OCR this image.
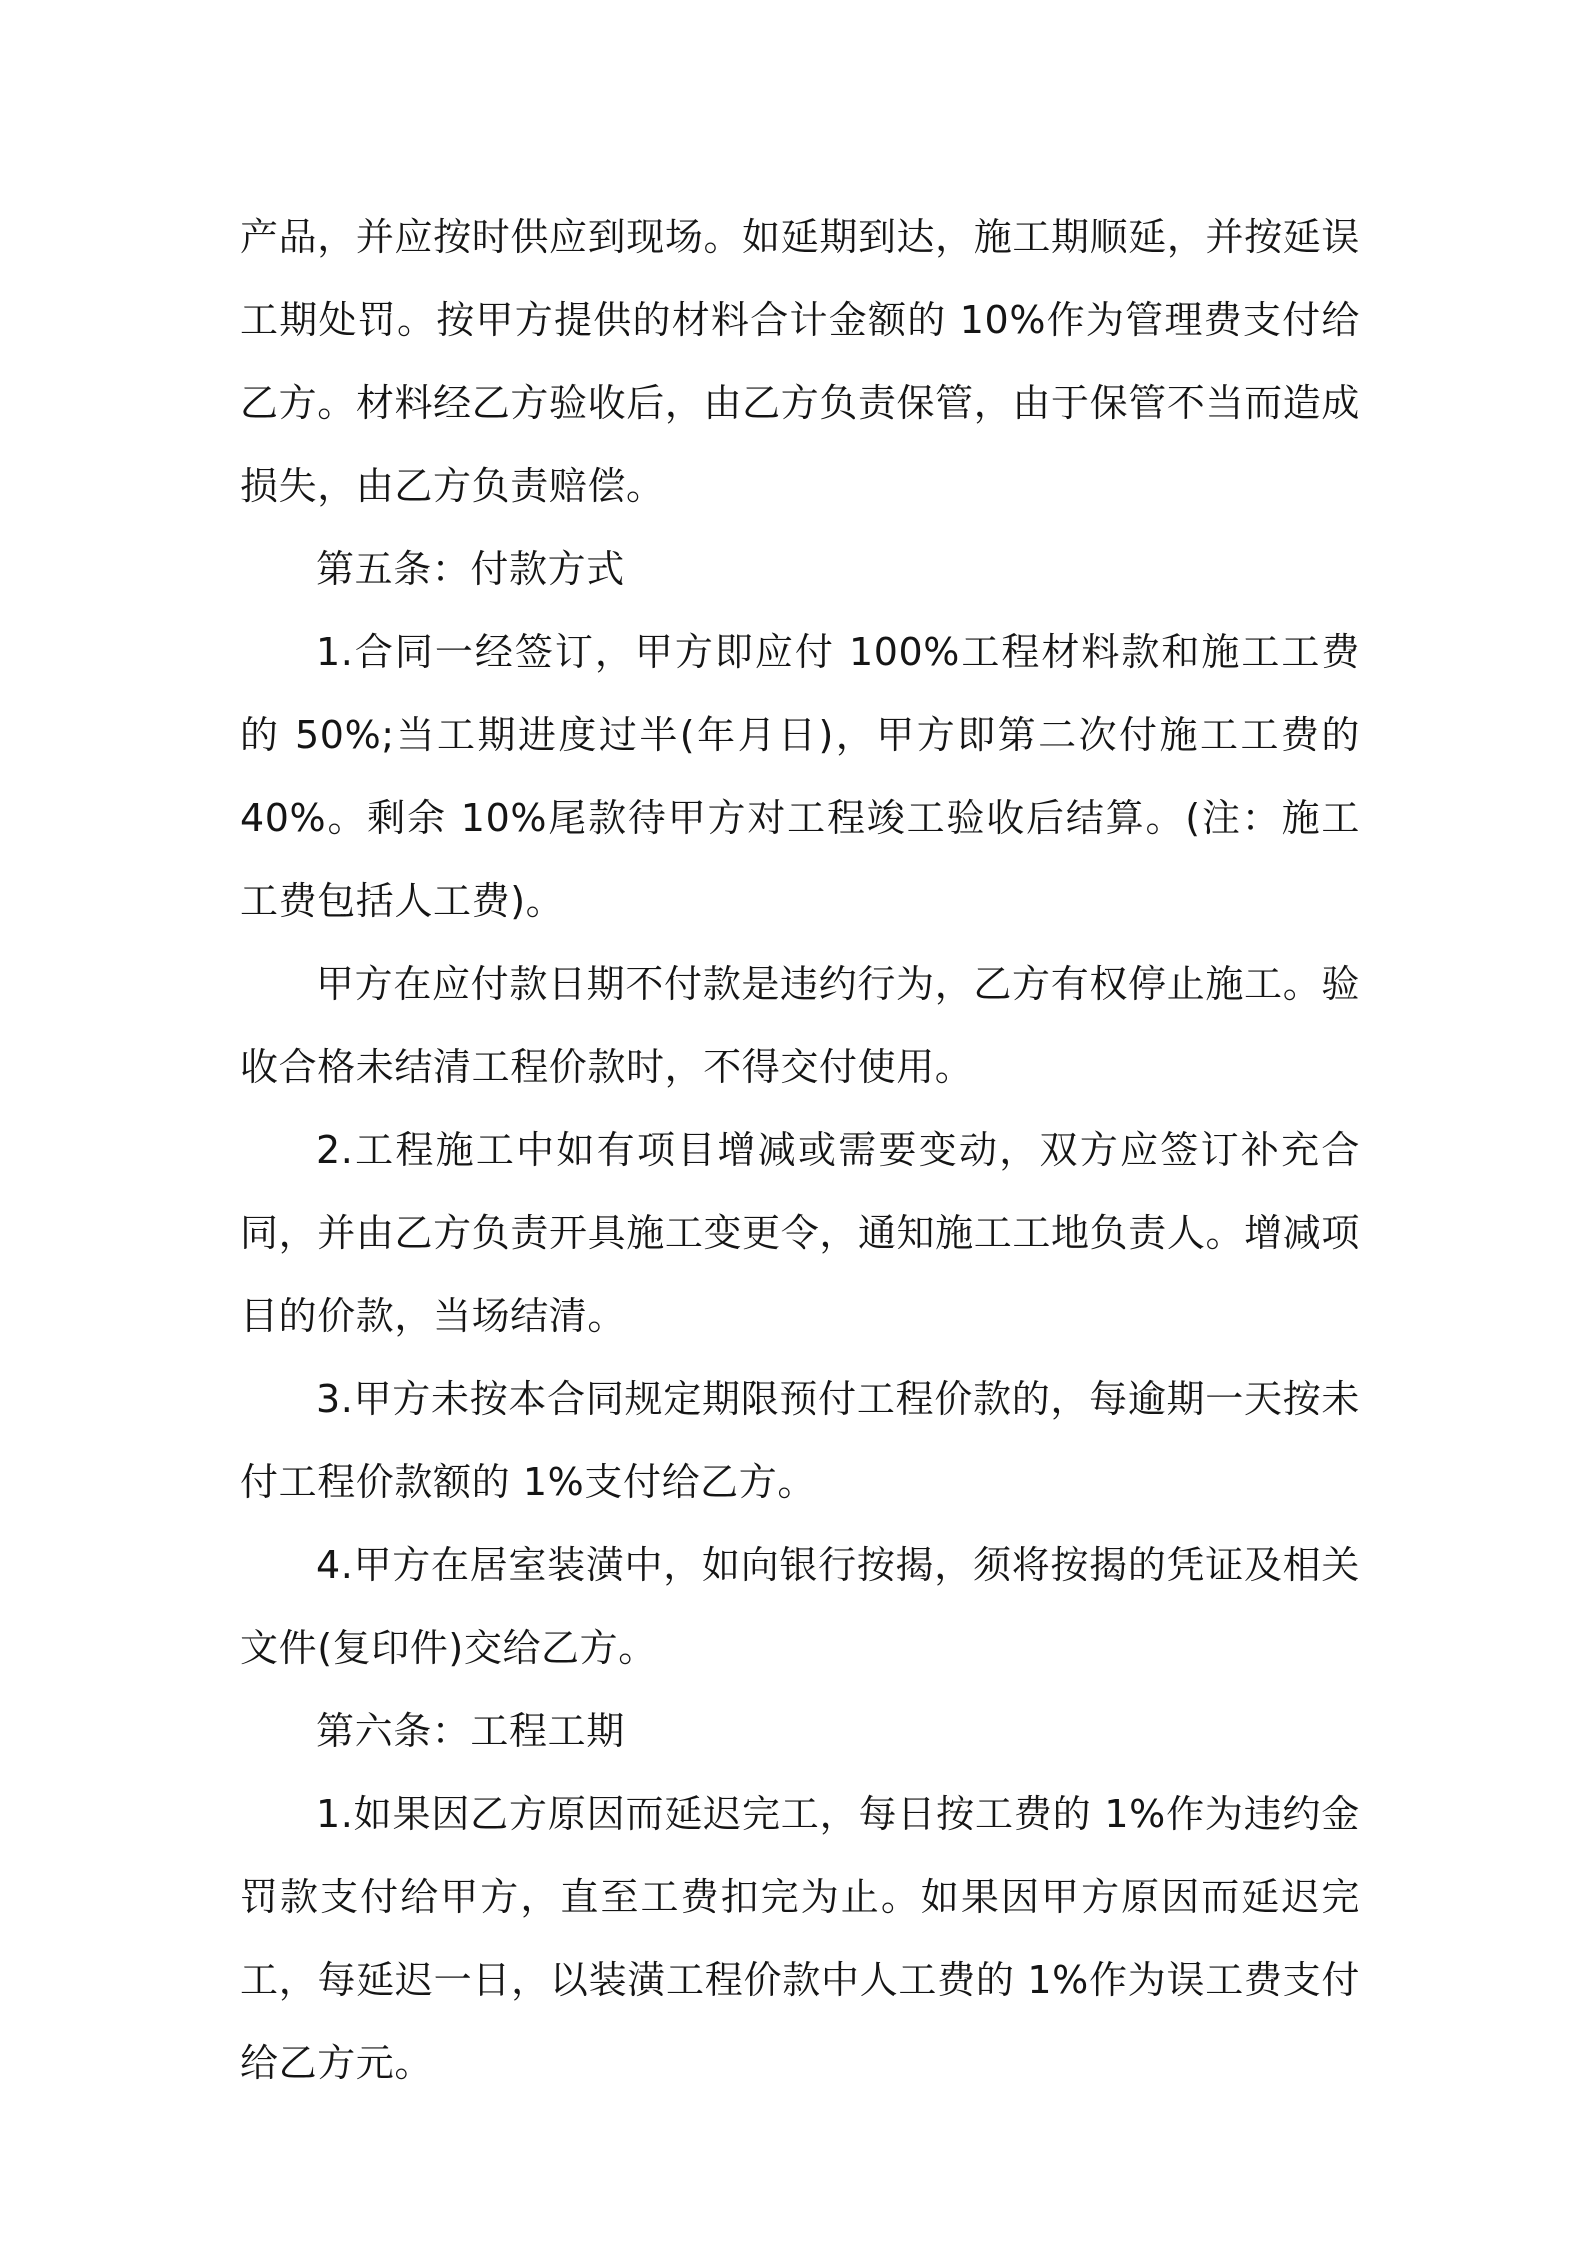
产品，并应按时供应到现场。如延期到达，施工期顺延，并按延误工期处罚。按甲方提供的材料合计金额的 10%作为管理费支付给乙方。材料经乙方验收后，由乙方负责保管，由于保管不当而造成损失，由乙方负责赔偿。

第五条：付款方式

1.合同一经签订，甲方即应付 100%工程材料款和施工工费的 50%;当工期进度过半(年月日)，甲方即第二次付施工工费的 40%。剩余 10%尾款待甲方对工程竣工验收后结算。(注：施工工费包括人工费)。

甲方在应付款日期不付款是违约行为，乙方有权停止施工。验收合格未结清工程价款时，不得交付使用。

2.工程施工中如有项目增减或需要变动，双方应签订补充合同，并由乙方负责开具施工变更令，通知施工工地负责人。增减项目的价款，当场结清。

3.甲方未按本合同规定期限预付工程价款的，每逾期一天按未付工程价款额的 1%支付给乙方。

4.甲方在居室装潢中，如向银行按揭，须将按揭的凭证及相关文件(复印件)交给乙方。

第六条：工程工期

1.如果因乙方原因而延迟完工，每日按工费的 1%作为违约金罚款支付给甲方，直至工费扣完为止。如果因甲方原因而延迟完工，每延迟一日，以装潢工程价款中人工费的 1%作为误工费支付给乙方元。
